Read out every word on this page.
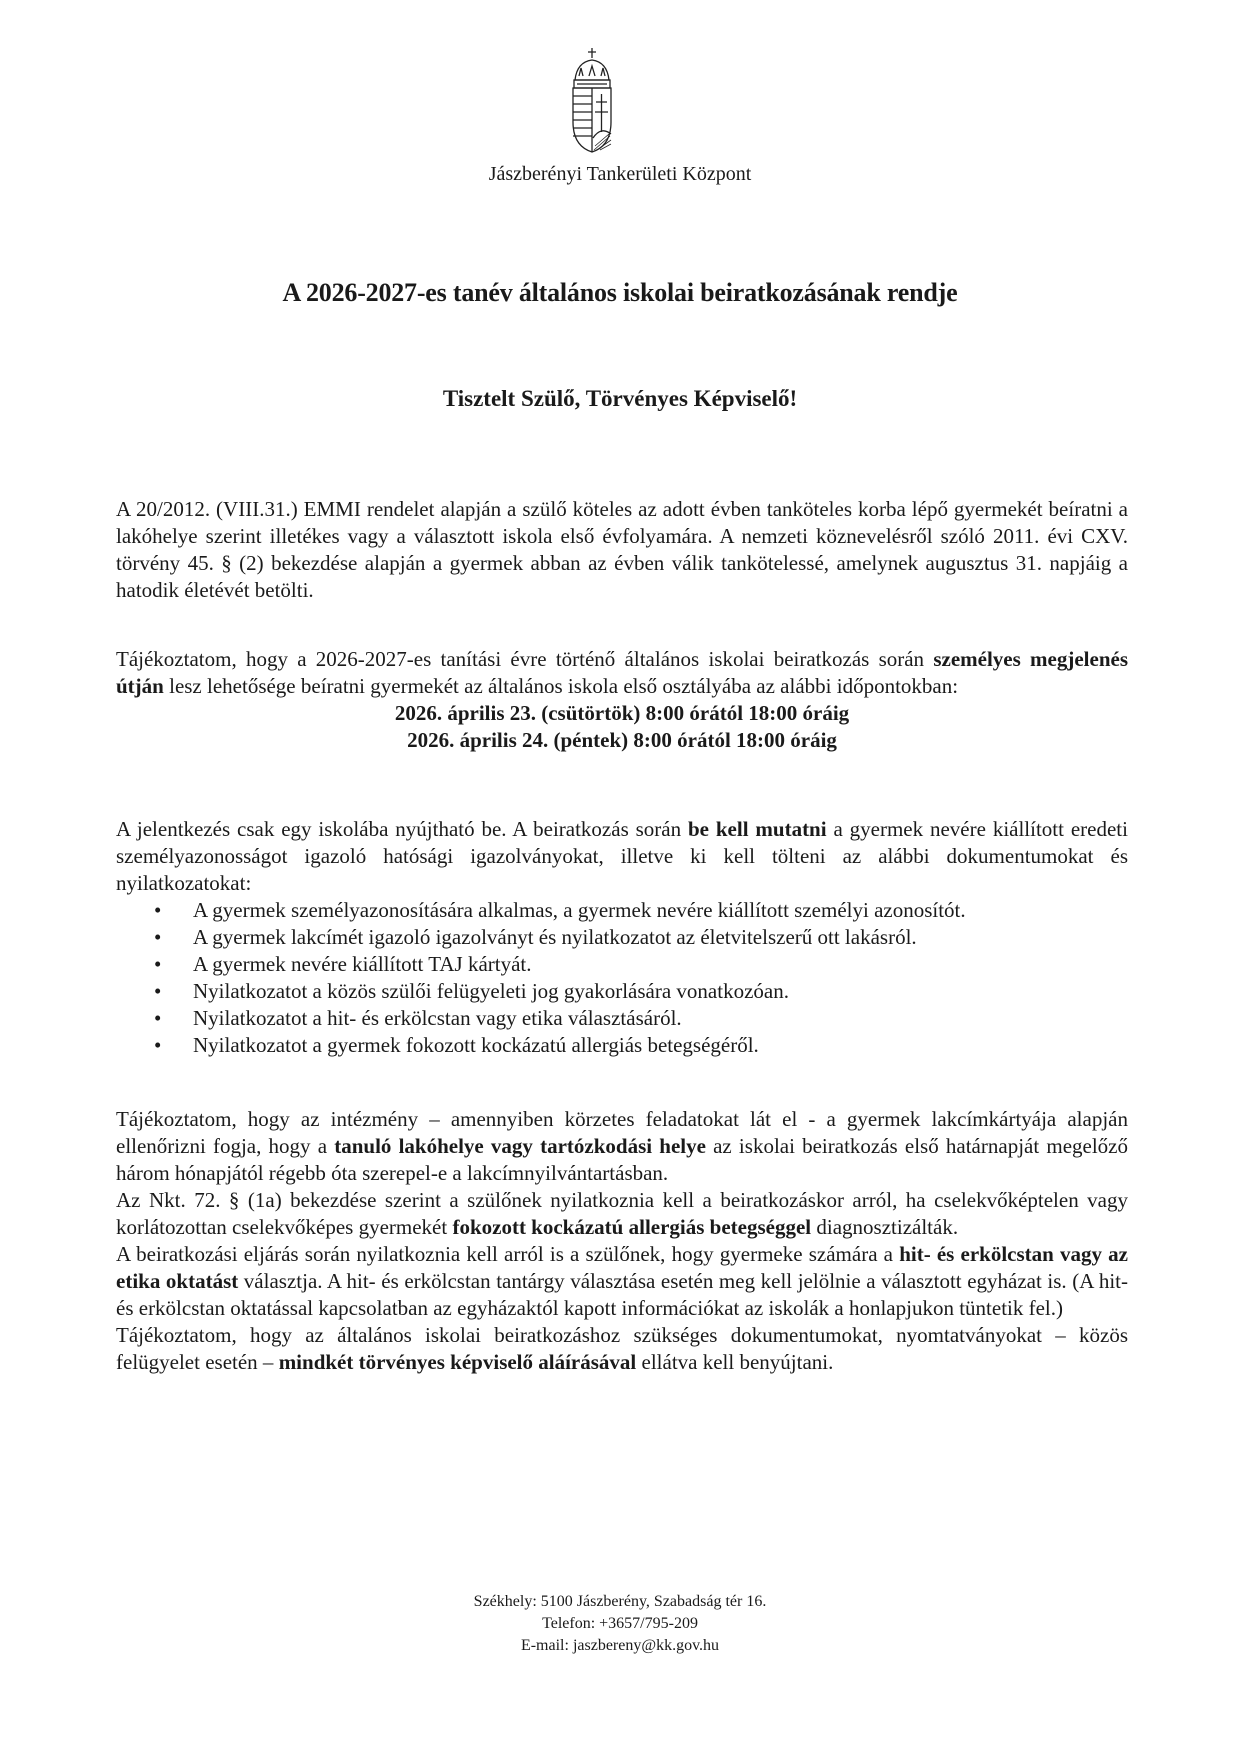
Jászberényi Tankerületi Központ
A 2026-2027-es tanév általános iskolai beiratkozásának rendje
Tisztelt Szülő, Törvényes Képviselő!

A 20/2012. (VIII.31.) EMMI rendelet alapján a szülő köteles az adott évben tanköteles korba lépő gyermekét beíratni a lakóhelye szerint illetékes vagy a választott iskola első évfolyamára. A nemzeti köznevelésről szóló 2011. évi CXV. törvény 45. § (2) bekezdése alapján a gyermek abban az évben válik tankötelessé, amelynek augusztus 31. napjáig a hatodik életévét betölti.

Tájékoztatom, hogy a 2026-2027-es tanítási évre történő általános iskolai beiratkozás során személyes megjelenés útján lesz lehetősége beíratni gyermekét az általános iskola első osztályába az alábbi időpontokban:

2026. április 23. (csütörtök) 8:00 órától 18:00 óráig

2026. április 24. (péntek) 8:00 órától 18:00 óráig

A jelentkezés csak egy iskolába nyújtható be. A beiratkozás során be kell mutatni a gyermek nevére kiállított eredeti személyazonosságot igazoló hatósági igazolványokat, illetve ki kell tölteni az alábbi dokumentumokat és nyilatkozatokat:

• A gyermek személyazonosítására alkalmas, a gyermek nevére kiállított személyi azonosítót.
• A gyermek lakcímét igazoló igazolványt és nyilatkozatot az életvitelszerű ott lakásról.
• A gyermek nevére kiállított TAJ kártyát.
• Nyilatkozatot a közös szülői felügyeleti jog gyakorlására vonatkozóan.
• Nyilatkozatot a hit- és erkölcstan vagy etika választásáról.
• Nyilatkozatot a gyermek fokozott kockázatú allergiás betegségéről.

Tájékoztatom, hogy az intézmény – amennyiben körzetes feladatokat lát el - a gyermek lakcímkártyája alapján ellenőrizni fogja, hogy a tanuló lakóhelye vagy tartózkodási helye az iskolai beiratkozás első határnapját megelőző három hónapjától régebb óta szerepel-e a lakcímnyilvántartásban.

Az Nkt. 72. § (1a) bekezdése szerint a szülőnek nyilatkoznia kell a beiratkozáskor arról, ha cselekvőképtelen vagy korlátozottan cselekvőképes gyermekét fokozott kockázatú allergiás betegséggel diagnosztizálták.

A beiratkozási eljárás során nyilatkoznia kell arról is a szülőnek, hogy gyermeke számára a hit- és erkölcstan vagy az etika oktatást választja. A hit- és erkölcstan tantárgy választása esetén meg kell jelölnie a választott egyházat is. (A hit- és erkölcstan oktatással kapcsolatban az egyházaktól kapott információkat az iskolák a honlapjukon tüntetik fel.)

Tájékoztatom, hogy az általános iskolai beiratkozáshoz szükséges dokumentumokat, nyomtatványokat – közös felügyelet esetén – mindkét törvényes képviselő aláírásával ellátva kell benyújtani.

Székhely: 5100 Jászberény, Szabadság tér 16.
Telefon: +3657/795-209
E-mail: jaszbereny@kk.gov.hu
